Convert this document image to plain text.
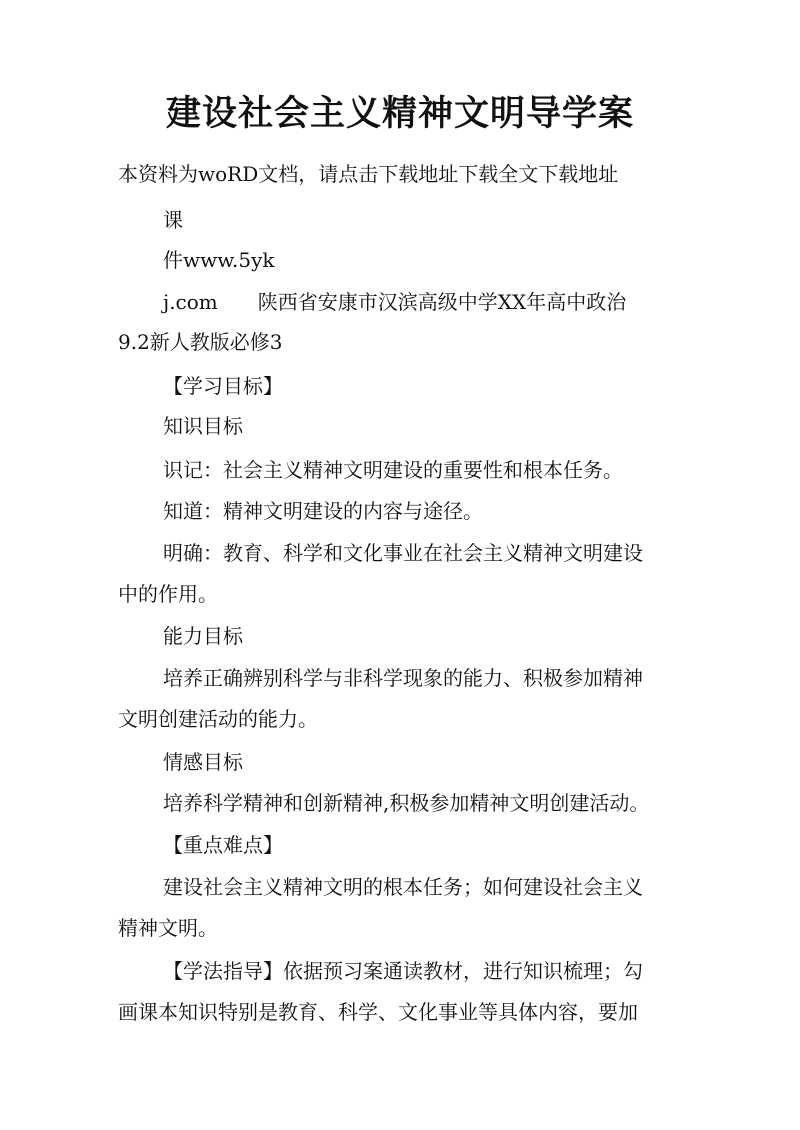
建设社会主义精神文明导学案
本资料为woRD文档，请点击下载地址下载全文下载地址
课
件www.5yk
j.com　　陕西省安康市汉滨高级中学XX年高中政治
9.2新人教版必修3
【学习目标】
知识目标
识记：社会主义精神文明建设的重要性和根本任务。
知道：精神文明建设的内容与途径。
明确：教育、科学和文化事业在社会主义精神文明建设
中的作用。
能力目标
培养正确辨别科学与非科学现象的能力、积极参加精神
文明创建活动的能力。
情感目标
培养科学精神和创新精神,积极参加精神文明创建活动。
【重点难点】
建设社会主义精神文明的根本任务；如何建设社会主义
精神文明。
【学法指导】依据预习案通读教材，进行知识梳理；勾
画课本知识特别是教育、科学、文化事业等具体内容，要加
